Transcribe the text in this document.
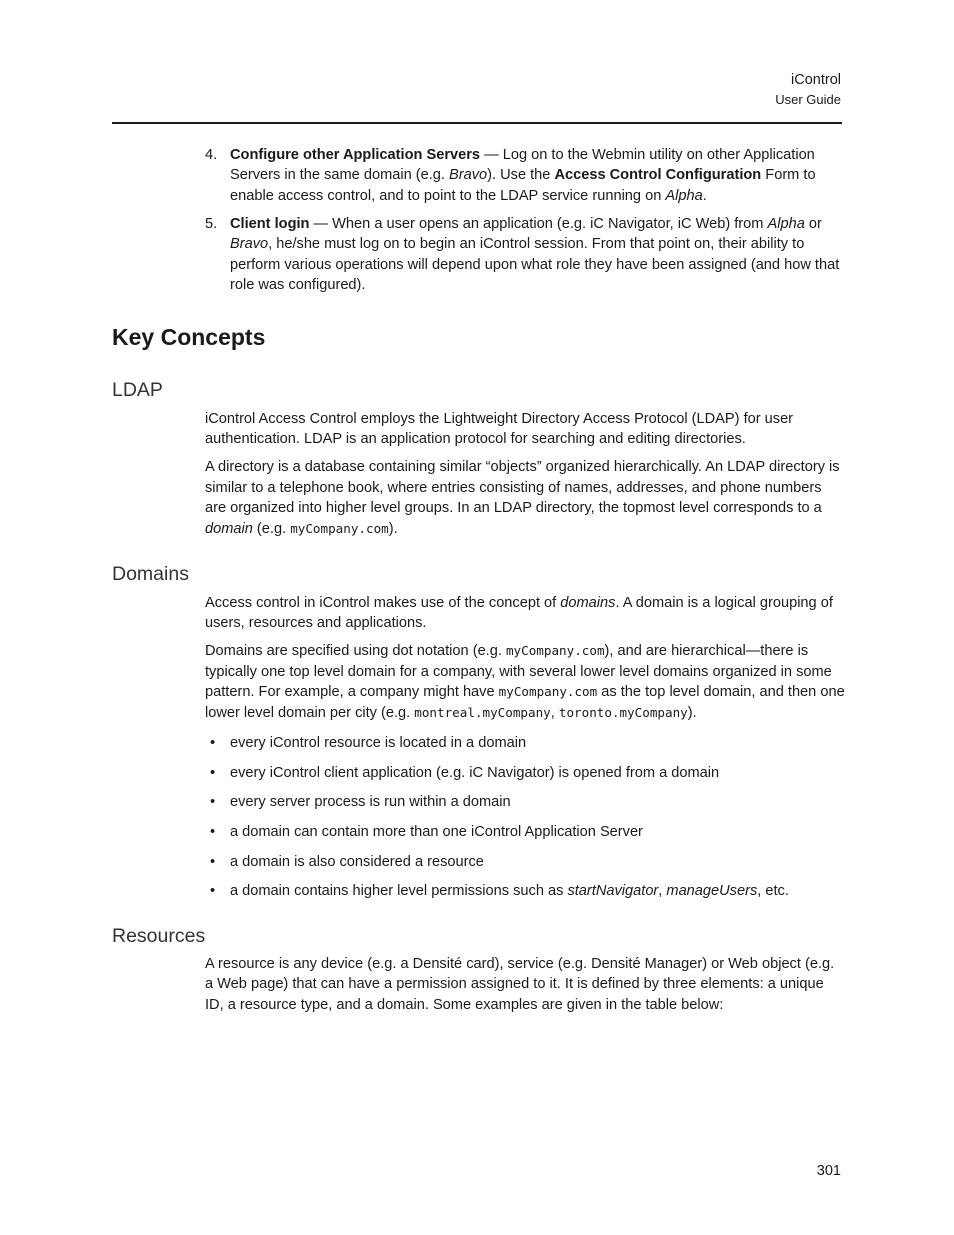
iControl
User Guide
4. Configure other Application Servers — Log on to the Webmin utility on other Application Servers in the same domain (e.g. Bravo). Use the Access Control Configuration Form to enable access control, and to point to the LDAP service running on Alpha.
5. Client login — When a user opens an application (e.g. iC Navigator, iC Web) from Alpha or Bravo, he/she must log on to begin an iControl session. From that point on, their ability to perform various operations will depend upon what role they have been assigned (and how that role was configured).
Key Concepts
LDAP

iControl Access Control employs the Lightweight Directory Access Protocol (LDAP) for user authentication. LDAP is an application protocol for searching and editing directories.

A directory is a database containing similar “objects” organized hierarchically. An LDAP directory is similar to a telephone book, where entries consisting of names, addresses, and phone numbers are organized into higher level groups. In an LDAP directory, the topmost level corresponds to a domain (e.g. myCompany.com).

Domains

Access control in iControl makes use of the concept of domains. A domain is a logical grouping of users, resources and applications.

Domains are specified using dot notation (e.g. myCompany.com), and are hierarchical—there is typically one top level domain for a company, with several lower level domains organized in some pattern. For example, a company might have myCompany.com as the top level domain, and then one lower level domain per city (e.g. montreal.myCompany, toronto.myCompany).

•	every iControl resource is located in a domain
•	every iControl client application (e.g. iC Navigator) is opened from a domain
•	every server process is run within a domain
•	a domain can contain more than one iControl Application Server
•	a domain is also considered a resource
•	a domain contains higher level permissions such as startNavigator, manageUsers, etc.
Resources

A resource is any device (e.g. a Densité card), service (e.g. Densité Manager) or Web object (e.g. a Web page) that can have a permission assigned to it. It is defined by three elements: a unique ID, a resource type, and a domain. Some examples are given in the table below:

301
